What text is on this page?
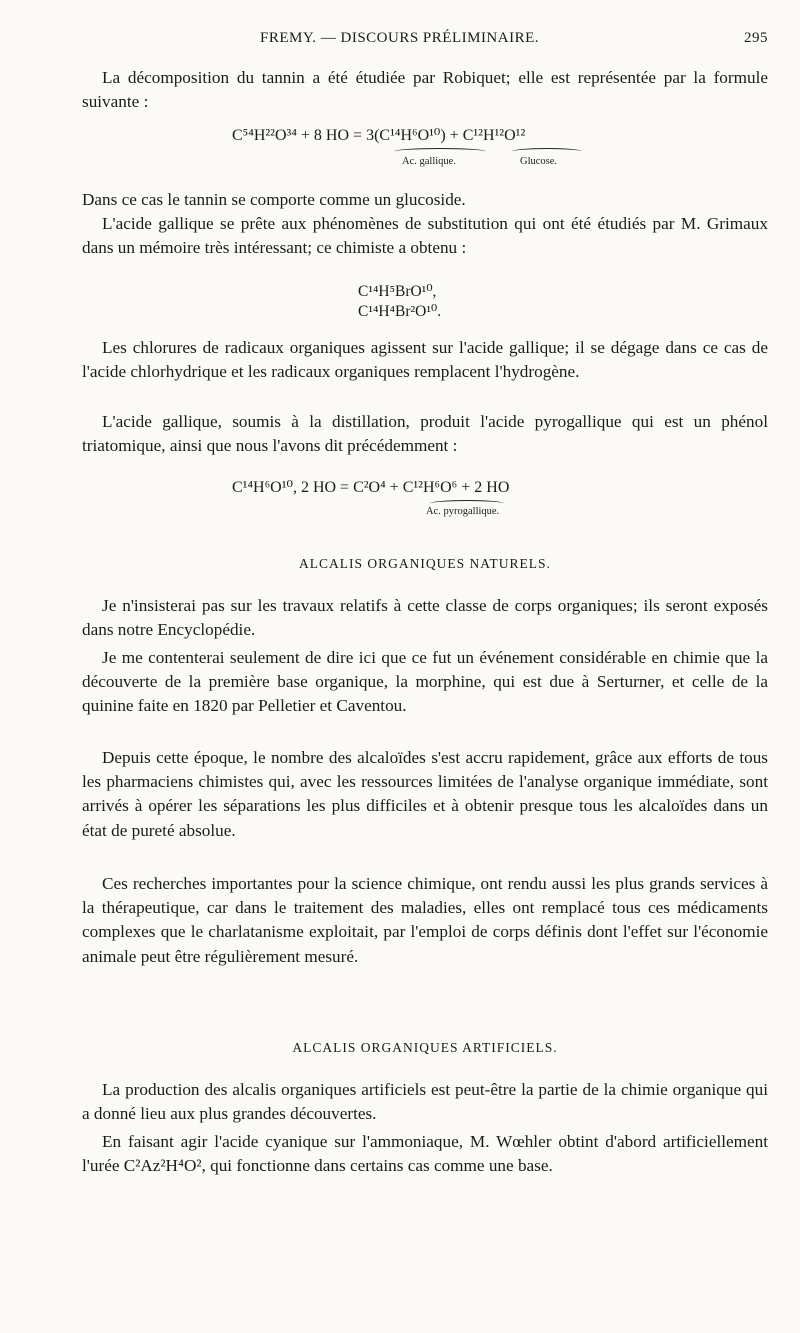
FREMY. — DISCOURS PRÉLIMINAIRE.	295

La décomposition du tannin a été étudiée par Robiquet; elle est représentée par la formule suivante :

C⁵⁴H²²O³⁴ + 8 HO = 3(C¹⁴H⁶O¹⁰) + C¹²H¹²O¹²
Ac. gallique.	Glucose.

Dans ce cas le tannin se comporte comme un glucoside.

L'acide gallique se prête aux phénomènes de substitution qui ont été étudiés par M. Grimaux dans un mémoire très intéressant; ce chimiste a obtenu :

C¹⁴H⁵BrO¹⁰,
C¹⁴H⁴Br²O¹⁰.

Les chlorures de radicaux organiques agissent sur l'acide gallique; il se dégage dans ce cas de l'acide chlorhydrique et les radicaux organiques remplacent l'hydrogène.

L'acide gallique, soumis à la distillation, produit l'acide pyrogallique qui est un phénol triatomique, ainsi que nous l'avons dit précédemment :

C¹⁴H⁶O¹⁰, 2 HO = C²O⁴ + C¹²H⁶O⁶ + 2 HO
Ac. pyrogallique.
ALCALIS ORGANIQUES NATURELS.

Je n'insisterai pas sur les travaux relatifs à cette classe de corps organiques; ils seront exposés dans notre Encyclopédie.

Je me contenterai seulement de dire ici que ce fut un événement considérable en chimie que la découverte de la première base organique, la morphine, qui est due à Serturner, et celle de la quinine faite en 1820 par Pelletier et Caventou.

Depuis cette époque, le nombre des alcaloïdes s'est accru rapidement, grâce aux efforts de tous les pharmaciens chimistes qui, avec les ressources limitées de l'analyse organique immédiate, sont arrivés à opérer les séparations les plus difficiles et à obtenir presque tous les alcaloïdes dans un état de pureté absolue.

Ces recherches importantes pour la science chimique, ont rendu aussi les plus grands services à la thérapeutique, car dans le traitement des maladies, elles ont remplacé tous ces médicaments complexes que le charlatanisme exploitait, par l'emploi de corps définis dont l'effet sur l'économie animale peut être régulièrement mesuré.

ALCALIS ORGANIQUES ARTIFICIELS.

La production des alcalis organiques artificiels est peut-être la partie de la chimie organique qui a donné lieu aux plus grandes découvertes.

En faisant agir l'acide cyanique sur l'ammoniaque, M. Wœhler obtint d'abord artificiellement l'urée C²Az²H⁴O², qui fonctionne dans certains cas comme une base.
